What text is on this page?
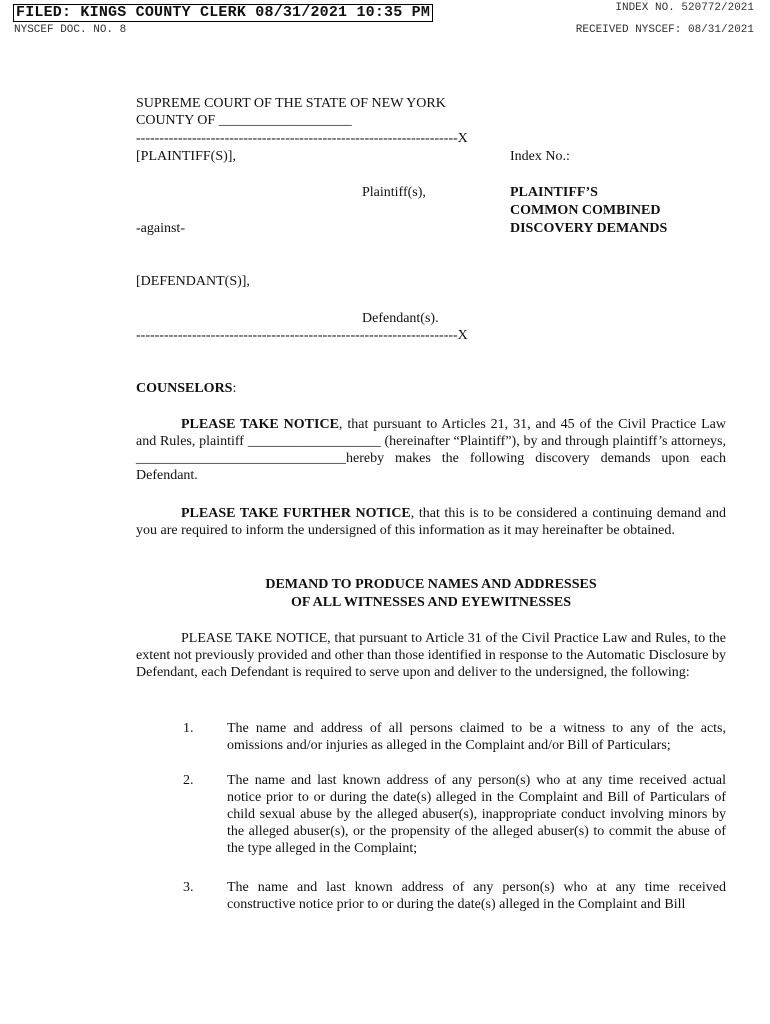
FILED: KINGS COUNTY CLERK 08/31/2021 10:35 PM
NYSCEF DOC. NO. 8
INDEX NO. 520772/2021
RECEIVED NYSCEF: 08/31/2021
SUPREME COURT OF THE STATE OF NEW YORK
COUNTY OF ___________________
---------------------------------------------------------------------X
[PLAINTIFF(S)],	Index No.:
Plaintiff(s),	PLAINTIFF’S
COMMON COMBINED
-against-	DISCOVERY DEMANDS
[DEFENDANT(S)],
Defendant(s).
---------------------------------------------------------------------X
COUNSELORS:
PLEASE TAKE NOTICE, that pursuant to Articles 21, 31, and 45 of the Civil Practice Law and Rules, plaintiff ___________________ (hereinafter “Plaintiff”), by and through plaintiff’s attorneys, ______________________________hereby makes the following discovery demands upon each Defendant.
PLEASE TAKE FURTHER NOTICE, that this is to be considered a continuing demand and you are required to inform the undersigned of this information as it may hereinafter be obtained.
DEMAND TO PRODUCE NAMES AND ADDRESSES
OF ALL WITNESSES AND EYEWITNESSES
PLEASE TAKE NOTICE, that pursuant to Article 31 of the Civil Practice Law and Rules, to the extent not previously provided and other than those identified in response to the Automatic Disclosure by Defendant, each Defendant is required to serve upon and deliver to the undersigned, the following:
1. The name and address of all persons claimed to be a witness to any of the acts, omissions and/or injuries as alleged in the Complaint and/or Bill of Particulars;
2. The name and last known address of any person(s) who at any time received actual notice prior to or during the date(s) alleged in the Complaint and Bill of Particulars of child sexual abuse by the alleged abuser(s), inappropriate conduct involving minors by the alleged abuser(s), or the propensity of the alleged abuser(s) to commit the abuse of the type alleged in the Complaint;
3. The name and last known address of any person(s) who at any time received constructive notice prior to or during the date(s) alleged in the Complaint and Bill
